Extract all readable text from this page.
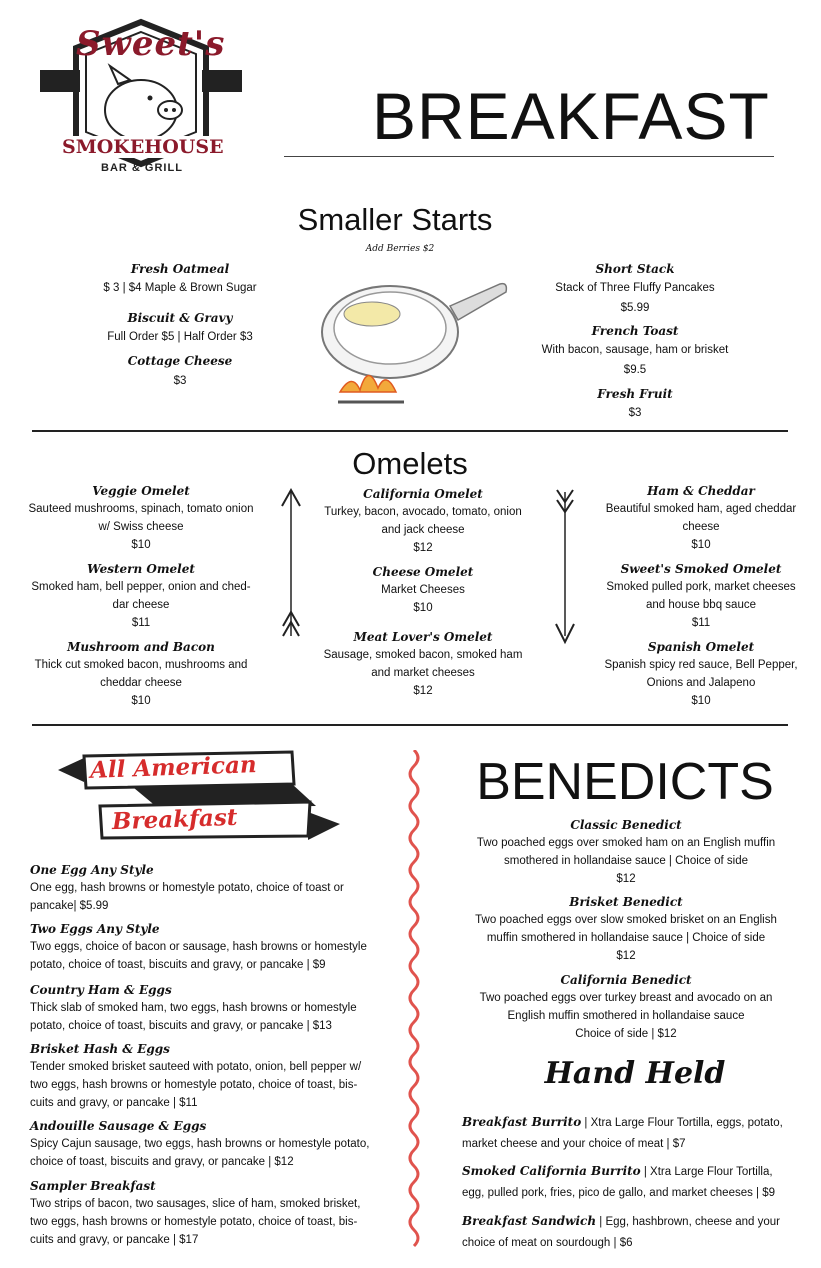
Sweet's
SMOKEHOUSE
BAR & GRILL
BREAKFAST
Smaller Starts
Add Berries $2
Fresh Oatmeal
$ 3 | $4 Maple & Brown Sugar
Biscuit & Gravy
Full Order $5 | Half Order $3
Cottage Cheese
$3
Short Stack
Stack of Three Fluffy Pancakes
$5.99
French Toast
With bacon, sausage, ham or brisket
$9.5
Fresh Fruit
$3
Omelets
Veggie Omelet
Sauteed mushrooms, spinach, tomato onion w/ Swiss cheese
$10
Western Omelet
Smoked ham, bell pepper, onion and ched-dar cheese
$11
Mushroom and Bacon
Thick cut smoked bacon, mushrooms and cheddar cheese
$10
California Omelet
Turkey, bacon, avocado, tomato, onion and jack cheese
$12
Cheese Omelet
Market Cheeses
$10
Meat Lover's Omelet
Sausage, smoked bacon, smoked ham and market cheeses
$12
Ham & Cheddar
Beautiful smoked ham, aged cheddar cheese
$10
Sweet's Smoked Omelet
Smoked pulled pork, market cheeses and house bbq sauce
$11
Spanish Omelet
Spanish spicy red sauce, Bell Pepper, Onions and Jalapeno
$10
All American
Breakfast
One Egg Any Style
One egg, hash browns or homestyle potato, choice of toast or pancake| $5.99
Two Eggs Any Style
Two eggs, choice of bacon or sausage, hash browns or homestyle potato, choice of toast, biscuits and gravy, or pancake | $9
Country Ham & Eggs
Thick slab of smoked ham, two eggs, hash browns or homestyle potato, choice of toast, biscuits and gravy, or pancake | $13
Brisket Hash & Eggs
Tender smoked brisket sauteed with potato, onion, bell pepper w/ two eggs, hash browns or homestyle potato, choice of toast, bis-cuits and gravy, or pancake | $11
Andouille Sausage & Eggs
Spicy Cajun sausage, two eggs, hash browns or homestyle potato, choice of toast, biscuits and gravy, or pancake | $12
Sampler Breakfast
Two strips of bacon, two sausages, slice of ham, smoked brisket, two eggs, hash browns or homestyle potato, choice of toast, bis-cuits and gravy, or pancake | $17
BENEDICTS
Classic Benedict
Two poached eggs over smoked ham on an English muffin smothered in hollandaise sauce | Choice of side
$12
Brisket Benedict
Two poached eggs over slow smoked brisket on an English muffin smothered in hollandaise sauce | Choice of side
$12
California Benedict
Two poached eggs over turkey breast and avocado on an English muffin smothered in hollandaise sauce
Choice of side | $12
Hand Held
Breakfast Burrito | Xtra Large Flour Tortilla, eggs, potato, market cheese and your choice of meat | $7
Smoked California Burrito | Xtra Large Flour Tortilla, egg, pulled pork, fries, pico de gallo, and market cheeses | $9
Breakfast Sandwich | Egg, hashbrown, cheese and your choice of meat on sourdough | $6
